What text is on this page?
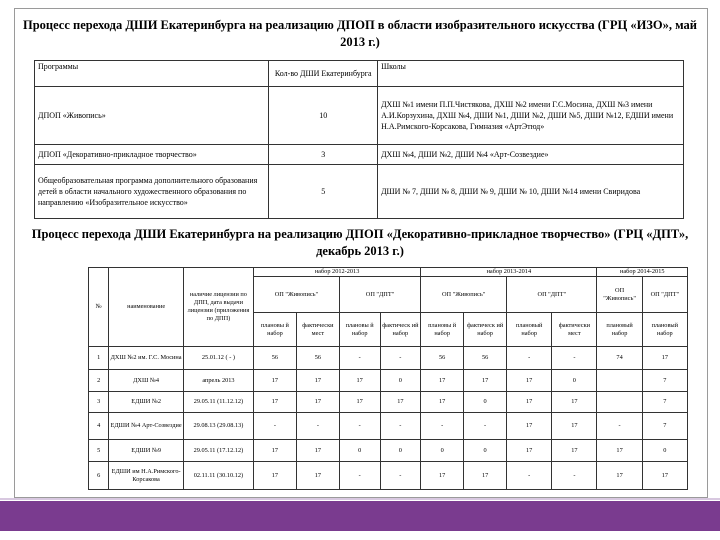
Процесс перехода ДШИ Екатеринбурга на реализацию ДПОП в области изобразительного искусства (ГРЦ «ИЗО», май 2013 г.)
Программы	Кол-во ДШИ Екатеринбурга	Школы
ДПОП «Живопись»	10	ДХШ №1 имени П.П.Чистякова, ДХШ №2 имени Г.С.Мосина, ДХШ №3 имени А.И.Корзухина, ДХШ №4, ДШИ №1, ДШИ №2, ДШИ №5, ДШИ №12, ЕДШИ имени Н.А.Римского-Корсакова, Гимназия «АртЭтюд»
ДПОП «Декоративно-прикладное творчество»	3	ДХШ №4, ДШИ №2, ДШИ №4 «Арт-Созвездие»
Общеобразовательная программа дополнительного образования детей в области начального художественного образования по направлению «Изобразительное искусство»	5	ДШИ № 7, ДШИ № 8, ДШИ № 9, ДШИ № 10, ДШИ №14 имени Свиридова
Процесс перехода ДШИ Екатеринбурга на реализацию ДПОП «Декоративно-прикладное творчество» (ГРЦ «ДПТ», декабрь 2013 г.)
№	наименование	наличие лицензии по ДПП, дата выдачи лицензии (приложения по ДПП)	набор 2012-2013				набор 2013-2014				набор 2014-2015	
			ОП "Живопись"		ОП "ДПТ"		ОП "Живопись"		ОП "ДПТ"		ОП "Живопись"	ОП "ДПТ"
			плановы й набор	фактически мест	плановы й набор	фактическ ий набор	плановы й набор	фактическ ий набор	плановый набор	фактически мест	плановый набор	плановый набор
1	ДХШ №2 им. Г.С. Мосина	25.01.12 ( - )	56	56	-	-	56	56	-	-	74	17
2	ДХШ №4	апрель 2013	17	17	17	0	17	17	17	0		7
3	ЕДШИ №2	29.05.11 (11.12.12)	17	17	17	17	17	0	17	17		7
4	ЕДШИ №4 Арт-Созвездие	29.08.13 (29.08.13)	-	-	-	-	-	-	17	17	-	7
5	ЕДШИ №9	29.05.11 (17.12.12)	17	17	0	0	0	0	17	17	17	0
6	ЕДШИ им Н.А.Римского-Корсакова	02.11.11 (30.10.12)	17	17	-	-	17	17	-	-	17	17
